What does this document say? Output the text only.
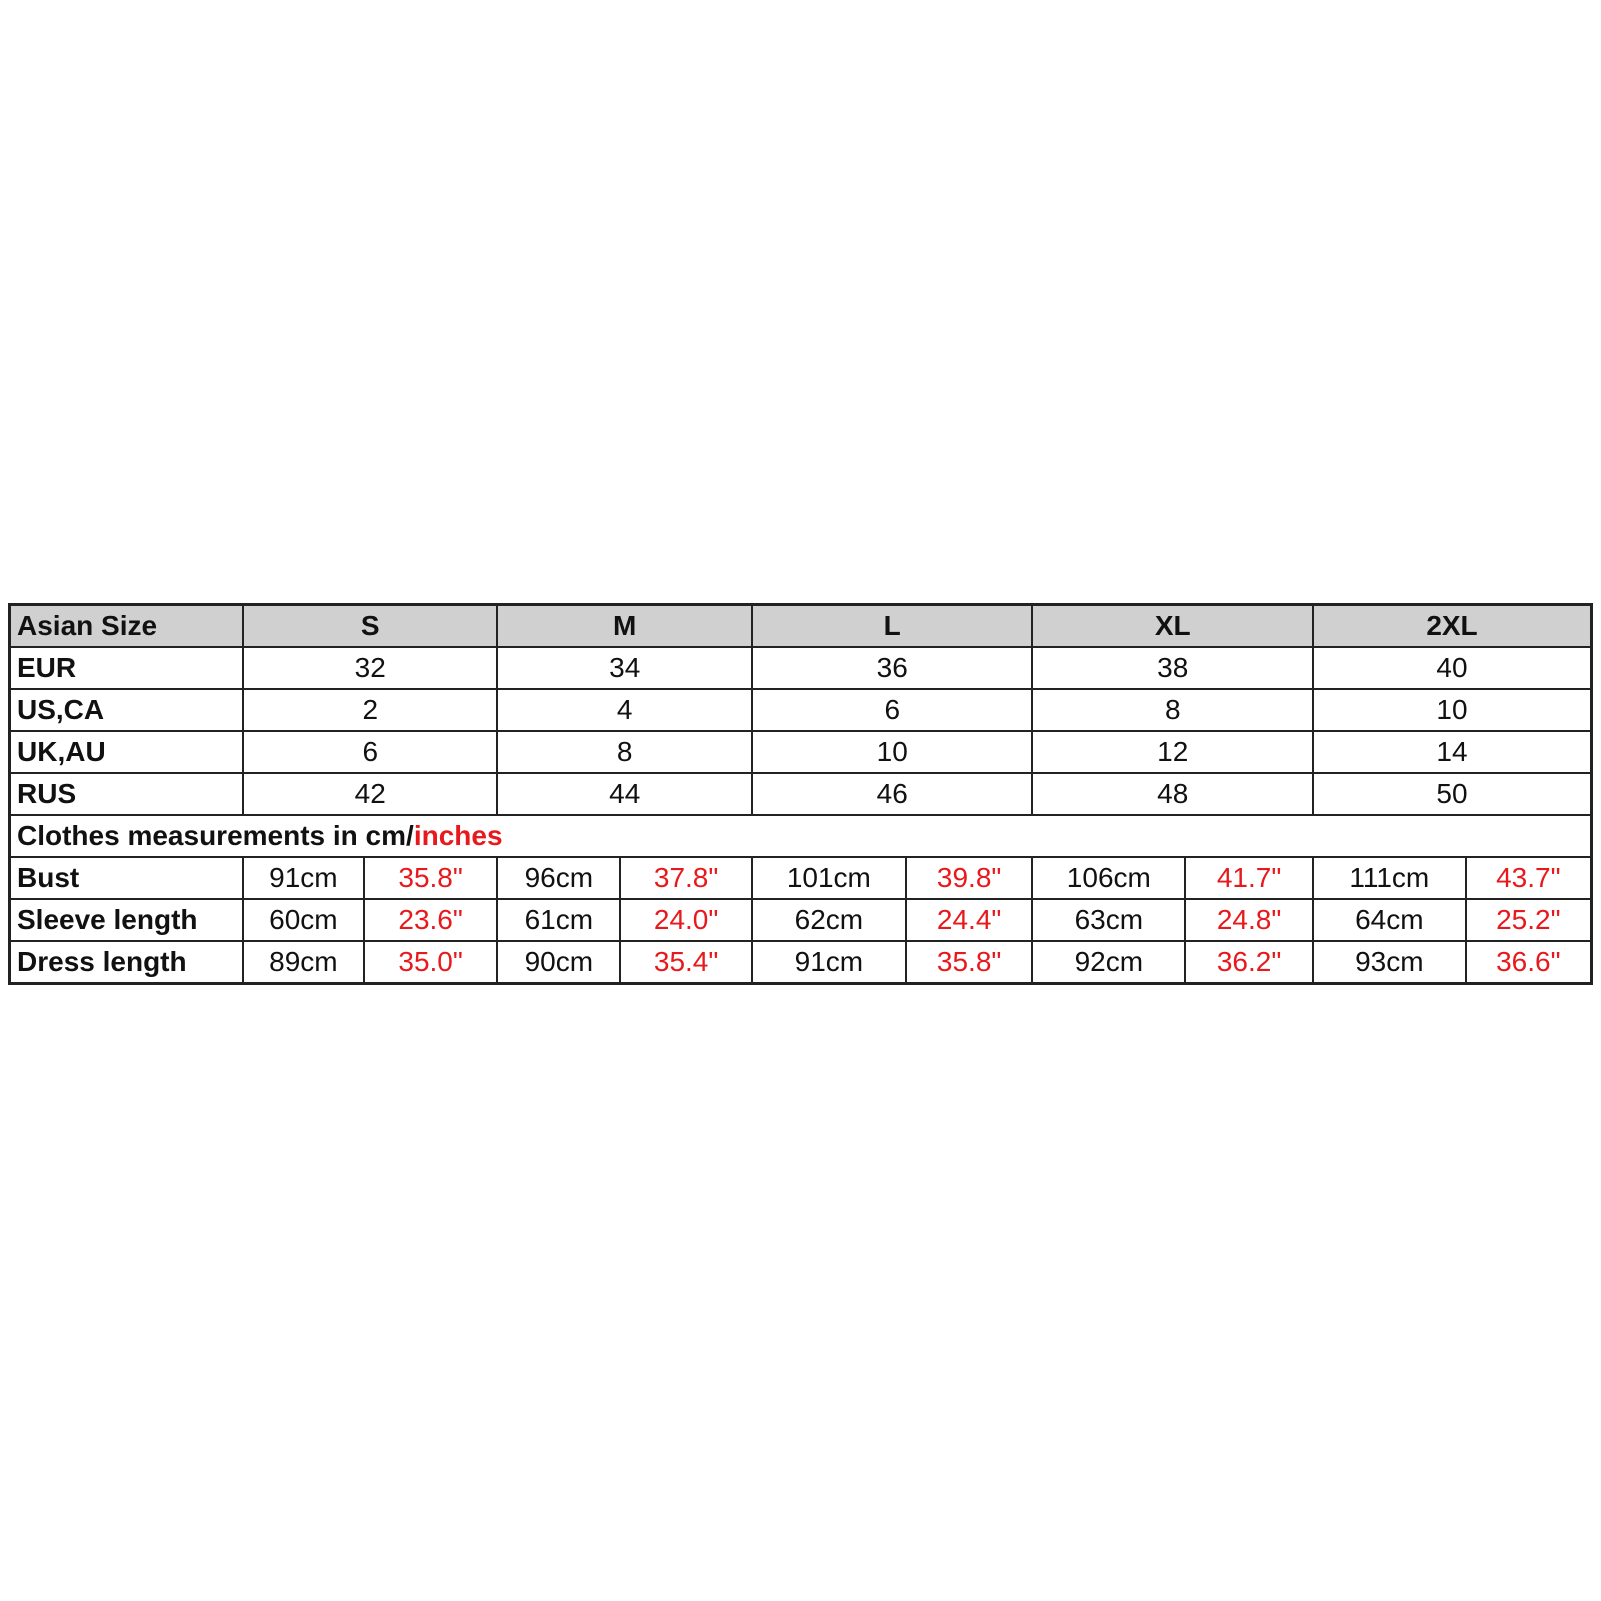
Asian Size	S		M		L		XL		2XL	
EUR	32		34		36		38		40	
US,CA	2		4		6		8		10	
UK,AU	6		8		10		12		14	
RUS	42		44		46		48		50	
Clothes measurements in cm/inches										
Bust	91cm	35.8"	96cm	37.8"	101cm	39.8"	106cm	41.7"	111cm	43.7"
Sleeve length	60cm	23.6"	61cm	24.0"	62cm	24.4"	63cm	24.8"	64cm	25.2"
Dress length	89cm	35.0"	90cm	35.4"	91cm	35.8"	92cm	36.2"	93cm	36.6"
